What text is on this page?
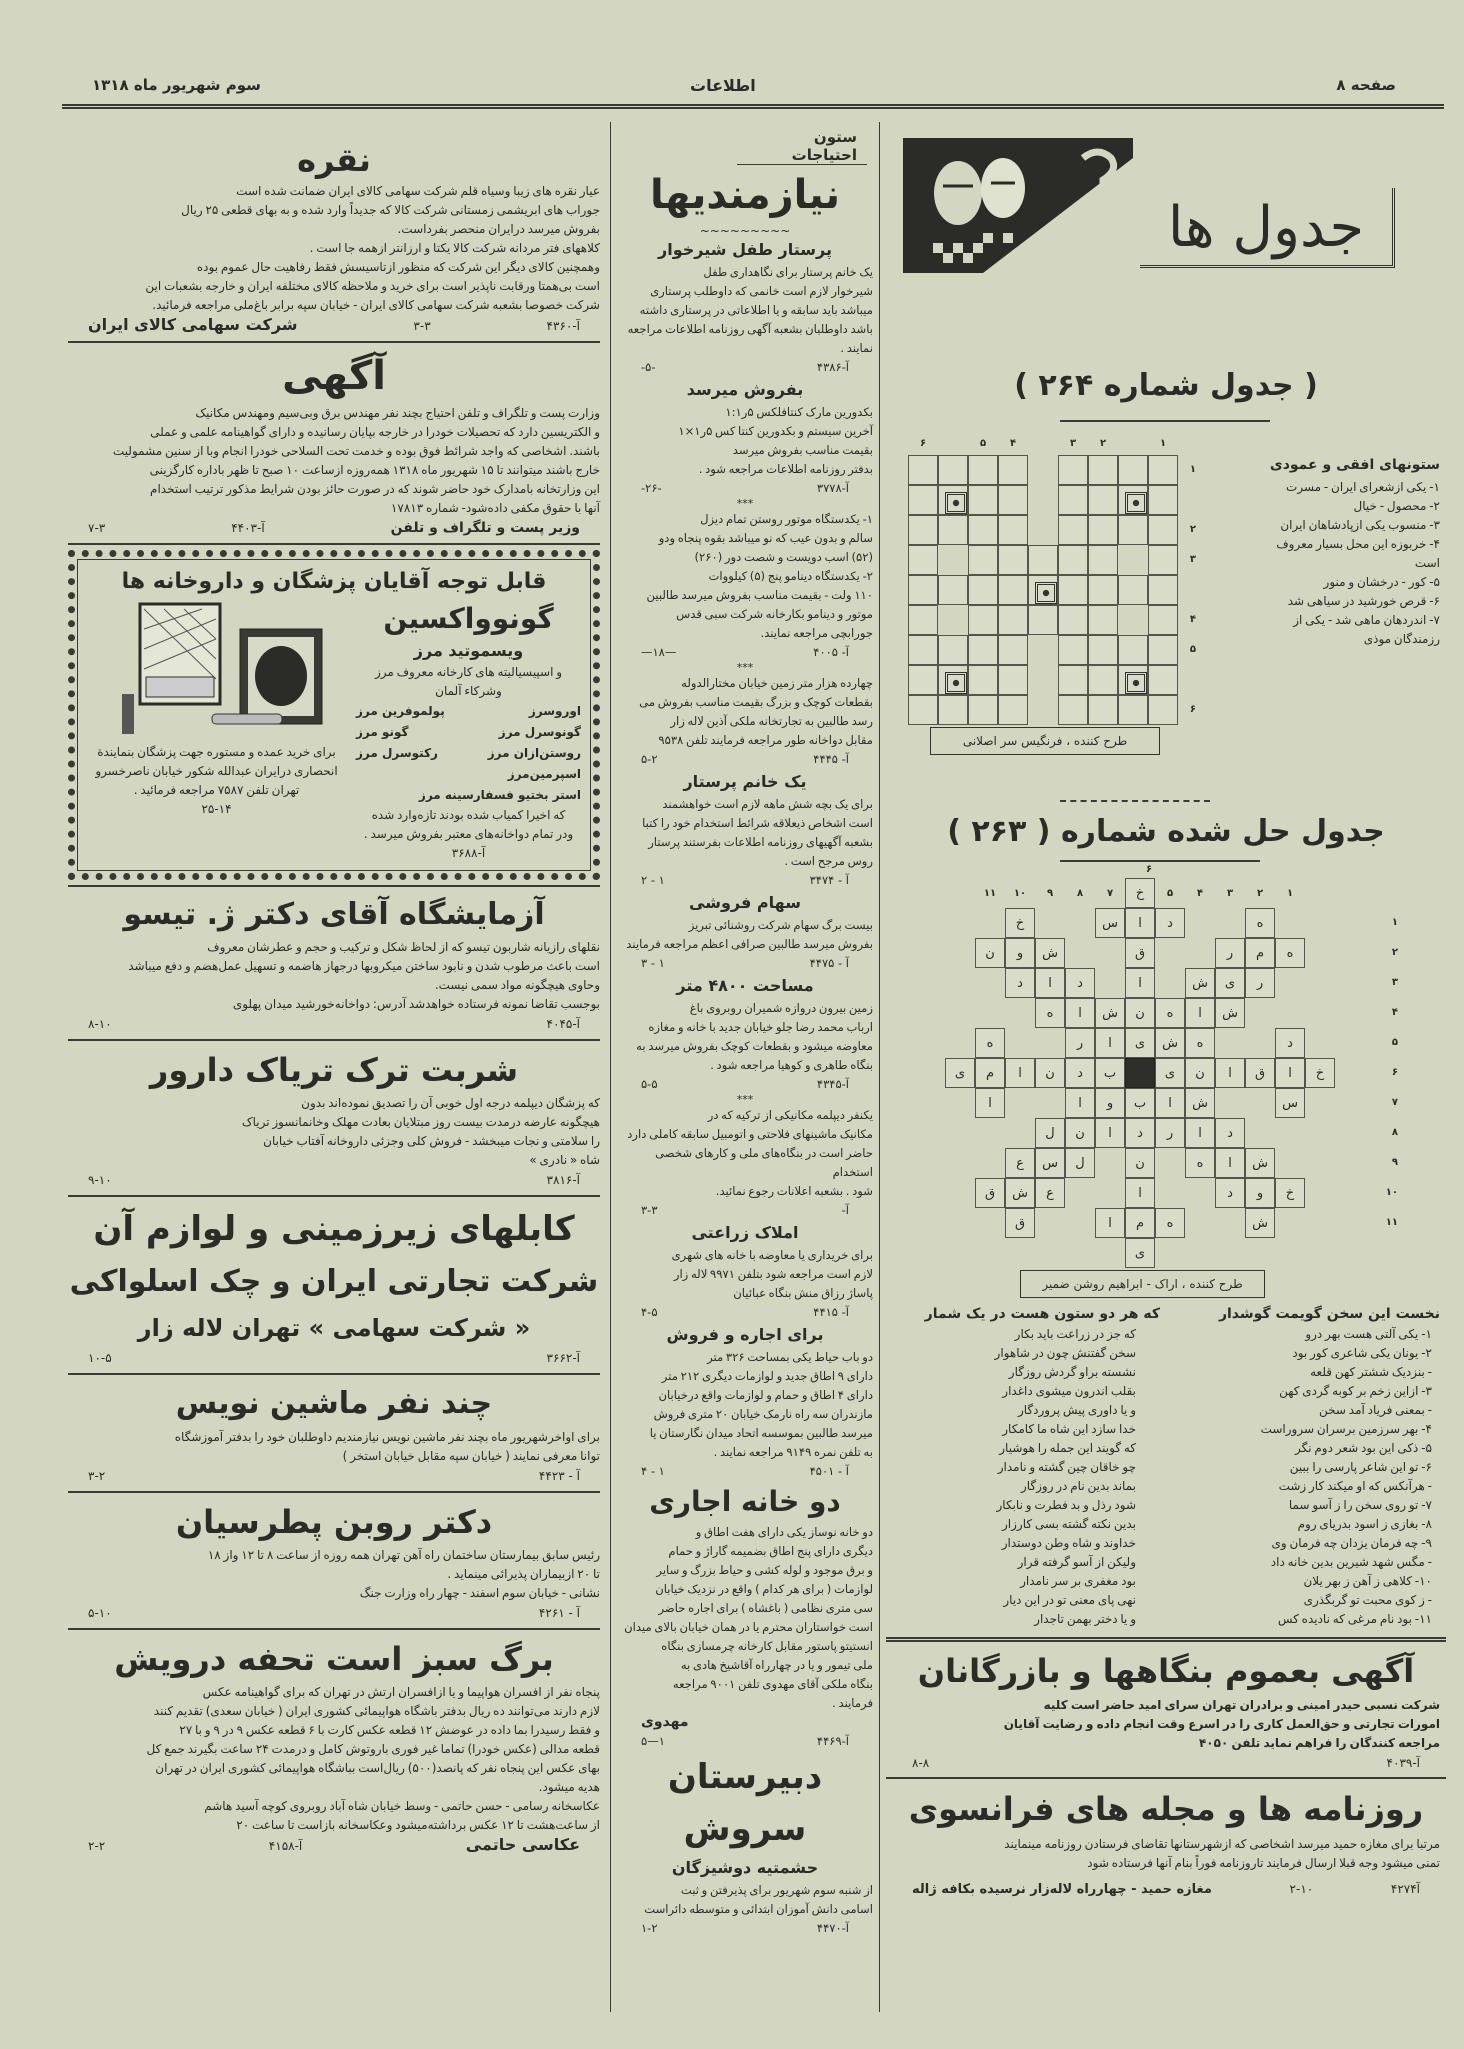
صفحه ۸
اطلاعات
سوم شهریور ماه ۱۳۱۸
نقره
عیار نقره های زیبا وسیاه قلم شرکت سهامی کالای ایران ضمانت شده است
جوراب های ابریشمی زمستانی شرکت کالا که جدیداً وارد شده و به بهای قطعی ۲۵ ریال
بفروش میرسد درایران منحصر بفرداست.
کلاههای فتر مردانه شرکت کالا یکتا و ارزانتر ازهمه جا است .
وهمچنین کالای دیگر این شرکت که منظور ازتاسیسش فقط رفاهیت حال عموم بوده
است بی‌همتا ورقابت ناپذیر است برای خرید و ملاحظه کالای مختلفه ایران و خارجه بشعبات این
شرکت خصوصا بشعبه شرکت سهامی کالای ایران - خیابان سپه برابر باغ‌ملی مراجعه فرمائید.
آ-۴۳۶۰
۳-۳
شرکت سهامی کالای ایران
آگهی
وزارت پست و تلگراف و تلفن احتیاج بچند نفر مهندس برق وبی‌سیم ومهندس مکانیک
و الکتریسین دارد که تحصیلات خودرا در خارجه بپایان رسانیده و دارای گواهینامه علمی و عملی
باشند. اشخاصی که واجد شرائط فوق بوده و خدمت تحت السلاحی خودرا انجام وبا از سنین مشمولیت
خارج باشند میتوانند تا ۱۵ شهریور ماه ۱۳۱۸ همه‌روزه ازساعت ۱۰ صبح تا ظهر باداره کارگزینی
این وزارتخانه بامدارک خود حاضر شوند که در صورت حائز بودن شرایط مذکور ترتیب استخدام
آنها با حقوق مکفی داده‌شود- شماره ۱۷۸۱۳
وزیر پست و تلگراف و تلفن
آ-۴۴۰۳
۷-۳
قابل توجه آقایان پزشگان و داروخانه ها
گونوواکسین
ویسموتید مرز
و اسپیسیالیته های کارخانه معروف مرز
وشرکاء آلمان
اوروسرز
پولموفرین مرز
گونوسرل مرز
گونو مرز
روستن‌ازان مرز
رکتوسرل مرز
اسپرمین‌مرز
استر بختیو فسفارسینه مرز
که اخیرا کمیاب شده بودند تازه‌وارد شده
ودر تمام دواخانه‌های معتبر بفروش میرسد .
آ-۳۶۸۸
برای خرید عمده و مستوره جهت پزشگان بنمایندة
انحصاری درایران عبدالله شکور خیابان ناصرخسرو
تهران تلفن ۷۵۸۷ مراجعه فرمائید .
۲۵-۱۴
آزمایشگاه آقای دکتر ژ. تیسو
نقلهای رازیانه شاربون تیسو که از لحاظ شکل و ترکیب و حجم و عطرشان معروف
است باعث مرطوب شدن و نابود ساختن میکروبها درجهاز هاضمه و تسهیل عمل‌هضم و دفع میباشد
وحاوی هیچگونه مواد سمی نیست.
بوجسب تقاضا نمونه فرستاده خواهدشد آدرس: دواخانه‌خورشید میدان پهلوی
آ-۴۰۴۵
۸-۱۰
شربت ترک تریاک دارور
که پزشگان دیپلمه درجه اول خوبی آن را تصدیق نموده‌اند بدون
هیچگونه عارضه درمدت بیست روز مبتلایان بعادت مهلک وخانمانسوز تریاک
را سلامتی و نجات میبخشد - فروش کلی وجزئی داروخانه آفتاب خیابان
شاه « نادری »
آ-۳۸۱۶
۹-۱۰
کابلهای زیرزمینی و لوازم آن
شرکت تجارتی ایران و چک اسلواکی
« شرکت سهامی » تهران لاله زار
آ-۳۶۶۲
۱۰-۵
چند نفر ماشین نویس
برای اواخرشهریور ماه بچند نفر ماشین نویس نیازمندیم داوطلبان خود را بدفتر آموزشگاه
توانا معرفی نمایند ( خیابان سپه مقابل خیابان استخر )
آ - ۴۴۲۳
۳-۲
دکتر روبن پطرسیان
رئیس سابق بیمارستان ساختمان راه آهن تهران همه روزه از ساعت ۸ تا ۱۲ واز ۱۸
تا ۲۰ ازبیماران پذیرائی مینماید .
نشانی - خیابان سوم اسفند - چهار راه وزارت جنگ
آ - ۴۲۶۱
۵-۱۰
برگ سبز است تحفه درویش
پنجاه نفر از افسران هواپیما و یا ازافسران ارتش در تهران که برای گواهینامه عکس
لازم دارند می‌توانند ده ریال بدفتر باشگاه هواپیمائی کشوری ایران ( خیابان سعدی) تقدیم کنند
و فقط رسیدرا بما داده در عوضش ۱۲ قطعه عکس کارت با ۶ قطعه عکس ۹ در ۹ و با ۲۷
قطعه مدالی (عکس خودرا) تماما غیر فوری باروتوش کامل و درمدت ۲۴ ساعت بگیرند جمع کل
بهای عکس این پنجاه نفر که پانصد(۵۰۰) ریال‌است بباشگاه هواپیمائی کشوری ایران در تهران
هدیه میشود.
عکاسخانه رسامی - حسن حاتمی - وسط خیابان شاه آباد روبروی کوچه آسید هاشم
از ساعت‌هشت تا ۱۲ عکس برداشته‌میشود وعکاسخانه بازاست تا ساعت ۲۰
عکاسی حاتمی
آ-۴۱۵۸
۲-۲
ستون احتیاجات
نیازمندیها
~~~~~~~~~
پرستار طفل شیرخوار
یک خانم پرستار برای نگاهداری طفل
شیرخوار لازم است خانمی که داوطلب پرستاری
میباشد باید سابقه و یا اطلاعاتی در پرستاری داشته
باشد داوطلبان بشعبه آگهی روزنامه اطلاعات مراجعه
نمایند .
آ-۴۳۸۶
-۵-
بفروش میرسد
بکدورین مارک کنتافلکس ۵ر۱:۱
آخرین سیستم و بکدورین کنتا کس ۵ر۱×۱
بقیمت مناسب بفروش میرسد
بدفتر روزنامه اطلاعات مراجعه شود .
آ-۳۷۷۸
-۲۶-
***
۱- یکدستگاه موتور روستن تمام دیزل
سالم و بدون عیب که نو میباشد بقوه پنجاه ودو
(۵۲) اسب دویست و شصت دور (۲۶۰)
۲- یکدستگاه دینامو پنج (۵) کیلووات
۱۱۰ ولت - بقیمت مناسب بفروش میرسد طالبین
موتور و دینامو بکارخانه شرکت سبی قدس
جورابچی مراجعه نمایند.
آ- ۴۰۰۵
—۱۸—
***
چهارده هزار متر زمین خیابان مختارالدوله
بقطعات کوچک و بزرگ بقیمت مناسب بفروش می
رسد طالبین به تجارتخانه ملکی آذین لاله زار
مقابل دواخانه طور مراجعه فرمایند تلفن ۹۵۳۸
آ- ۴۴۴۵
۵-۲
یک خانم پرستار
برای یک بچه شش ماهه لازم است خواهشمند
است اشخاص ذیعلاقه شرائط استخدام خود را کتبا
بشعبه آگهیهای روزنامه اطلاعات بفرستند پرستار
روس مرجح است .
آ - ۳۴۷۴
۱ - ۲
سهام فروشی
بیست برگ سهام شرکت روشنائی تبریز
بفروش میرسد طالبین صرافی اعظم مراجعه فرمایند
آ - ۴۴۷۵
۱ - ۳
مساحت ۴۸۰۰ متر
زمین بیرون دروازه شمیران روبروی باغ
ارباب محمد رضا جلو خیابان جدید با خانه و مغازه
معاوضه میشود و بقطعات کوچک بفروش میرسد به
بنگاه طاهری و کوهیا مراجعه شود .
آ-۴۳۴۵
۵-۵
***
یکنفر دیپلمه مکانیکی از ترکیه که در
مکانیک ماشینهای فلاحتی و اتومبیل سابقه کاملی دارد
حاضر است در بنگاه‌های ملی و کارهای شخصی استخدام
شود . بشعبه اعلانات رجوع نمائید.
آ-
۳-۳
املاک زراعتی
برای خریداری یا معاوضه با خانه های شهری
لازم است مراجعه شود بتلفن ۹۹۷۱ لاله زار
پاساژ رزاق منش بنگاه عبائیان
آ- ۴۴۱۵
۴-۵
برای اجاره و فروش
دو باب حیاط یکی بمساحت ۳۲۶ متر
دارای ۹ اطاق جدید و لوازمات دیگری ۲۱۲ متر
دارای ۴ اطاق و حمام و لوازمات واقع درخیابان
مازندران سه راه نارمک خیابان ۲۰ متری فروش
میرسد طالبین بموسسه اتحاد میدان نگارستان یا
به تلفن نمره ۹۱۴۹ مراجعه نمایند .
آ - ۴۵۰۱
۱ - ۴
دو خانه اجاری
دو خانه نوساز یکی دارای هفت اطاق و
دیگری دارای پنج اطاق بضمیمه گاراژ و حمام
و برق موجود و لوله کشی و حیاط بزرگ و سایر
لوازمات ( برای هر کدام ) واقع در نزدیک خیابان
سی متری نظامی ( باغشاه ) برای اجاره حاضر
است خواستاران محترم یا در همان خیابان بالای میدان
انستیتو پاستور مقابل کارخانه چرمسازی بنگاه
ملی تیمور و یا در چهارراه آقاشیخ هادی به
بنگاه ملکی آقای مهدوی تلفن ۹۰۰۱ مراجعه
فرمایند .
مهدوی
آ-۴۴۶۹
۱—۵
دبیرستان سروش
حشمتیه دوشیزگان
از شنبه سوم شهریور برای پذیرفتن و ثبت
اسامی دانش آموزان ابتدائی و متوسطه دائراست
آ-۴۴۷۰
۱-۲
جدول ها
( جدول شماره ۲۶۴ )
۶	۵	۴	۳	۲	۱
۱
۲
۳
۴
۵
۶
طرح کننده ، فرنگیس سر اصلانی
ستونهای افقی و عمودی
۱- یکی ازشعرای ایران - مسرت
۲- محصول - خیال
۳- منسوب یکی ازپادشاهان ایران
۴- خربوزه این محل بسیار معروف
است
۵- کور - درخشان و منور
۶- قرص خورشید در سیاهی شد
۷- اندردهان ماهی شد - یکی از
رزمندگان موذی
جدول حل شده شماره ( ۲۶۳ )
۶
۱۱	۱۰	۹	۸	۷	خ	۵	۴	۳	۲	۱
خ	س	ا	د	ه
ن	و	ش	ق	ر	م	ه
د	ا	د	ا	ش	ی	ر
ه	ا	ش	ن	ه	ا	ش
ه	ر	ا	ی	ش	ه	د
ی	م	ا	ن	د	ب	ی	ن	ا	ق	ا	خ
ا	ا	و	ب	ا	ش	س
ل	ن	ا	د	ر	ا	د
ع	س	ل	ن	ه	ا	ش
ق	ش	ع	ا	د	و	خ
ق	ا	م	ه	ش
ی
۱
۲
۳
۴
۵
۶
۷
۸
۹
۱۰
۱۱
طرح کننده ، اراک - ابراهیم روشن ضمیر
نخست این سخن گویمت گوشدار
۱- یکی آلتی هست بهر درو
۲- یونان یکی شاعری کور بود
- بنزدیک ششتر کهن قلعه
۳- ازاین زخم بر کوبه گردی کهن
- بمعنی فریاد آمد سخن
۴- بهر سرزمین برسران سروراست
۵- ذکی این بود شعر دوم نگر
۶- تو این شاعر پارسی را ببین
- هرآنکس که او میکند کار زشت
۷- تو روی سخن را ز آسو سما
۸- بغازی ز اسود بدریای روم
۹- چه فرمان یزدان چه فرمان وی
- مگس شهد شیرین بدین خانه داد
۱۰- کلاهی ز آهن ز بهر یلان
- ز کوی محبت تو گربگذری
۱۱- بود نام مرغی که نادیده کس
که هر دو ستون هست در یک شمار
که جز در زراعت باید بکار
سخن گفتنش چون در شاهوار
نشسته براو گردش روزگار
بقلب اندرون میشوی داغدار
و یا داوری پیش پروردگار
خدا سازد این شاه ما کامکار
که گویند این جمله را هوشیار
چو خاقان چین گشته و نامدار
بماند بدین نام در روزگار
شود رذل و بد فطرت و نابکار
بدین نکته گشته بسی کارزار
خداوند و شاه وطن دوستدار
ولیکن از آسو گرفته قرار
بود مغفری بر سر نامدار
نهی پای معنی تو در این دیار
و یا دختر بهمن تاجدار
آگهی بعموم بنگاهها و بازرگانان
شرکت نسبی حیدر امینی و برادران تهران سرای امید حاضر است کلیه
امورات تجارتی و حق‌العمل کاری را در اسرع وقت انجام داده و رضایت آقایان
مراجعه کنندگان را فراهم نماید تلفن ۴۰۵۰
آ-۴۰۳۹
۸-۸
روزنامه ها و مجله های فرانسوی
مرتبا برای مغازه حمید میرسد اشخاصی که ازشهرستانها تقاضای فرستادن روزنامه مینمایند
تمنی میشود وجه قبلا ارسال فرمایند تاروزنامه فوراً بنام آنها فرستاده شود
آ۴۲۷۴
۲-۱۰
مغازه حمید - چهارراه لاله‌زار نرسیده بکافه ژاله
